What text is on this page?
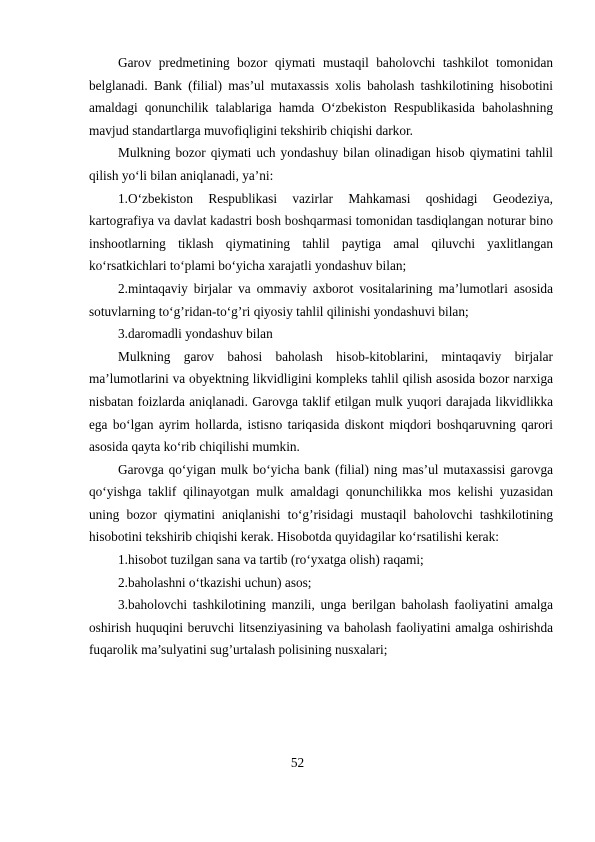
Garov predmetining bozor qiymati mustaqil baholovchi tashkilot tomonidan belglanadi. Bank (filial) mas’ul mutaxassis xolis baholash tashkilotining hisobotini amaldagi qonunchilik talablariga hamda O‘zbekiston Respublikasida baholashning mavjud standartlarga muvofiqligini tekshirib chiqishi darkor.

Mulkning bozor qiymati uch yondashuy bilan olinadigan hisob qiymatini tahlil qilish yo‘li bilan aniqlanadi, ya’ni:

1.O‘zbekiston Respublikasi vazirlar Mahkamasi qoshidagi Geodeziya, kartografiya va davlat kadastri bosh boshqarmasi tomonidan tasdiqlangan noturar bino inshootlarning tiklash qiymatining tahlil paytiga amal qiluvchi yaxlitlangan ko‘rsatkichlari to‘plami bo‘yicha xarajatli yondashuv bilan;

2.mintaqaviy birjalar va ommaviy axborot vositalarining ma’lumotlari asosida sotuvlarning to‘g’ridan-to‘g’ri qiyosiy tahlil qilinishi yondashuvi bilan;

3.daromadli yondashuv bilan

Mulkning garov bahosi baholash hisob-kitoblarini, mintaqaviy birjalar ma’lumotlarini va obyektning likvidligini kompleks tahlil qilish asosida bozor narxiga nisbatan foizlarda aniqlanadi. Garovga taklif etilgan mulk yuqori darajada likvidlikka ega bo‘lgan ayrim hollarda, istisno tariqasida diskont miqdori boshqaruvning qarori asosida qayta ko‘rib chiqilishi mumkin.

Garovga qo‘yigan mulk bo‘yicha bank (filial) ning mas’ul mutaxassisi garovga qo‘yishga taklif qilinayotgan mulk amaldagi qonunchilikka mos kelishi yuzasidan uning bozor qiymatini aniqlanishi to‘g’risidagi mustaqil baholovchi tashkilotining hisobotini tekshirib chiqishi kerak. Hisobotda quyidagilar ko‘rsatilishi kerak:

1.hisobot tuzilgan sana va tartib (ro‘yxatga olish) raqami;

2.baholashni o‘tkazishi uchun) asos;

3.baholovchi tashkilotining manzili, unga berilgan baholash faoliyatini amalga oshirish huquqini beruvchi litsenziyasining va baholash faoliyatini amalga oshirishda fuqarolik ma’sulyatini sug’urtalash polisining nusxalari;

52
